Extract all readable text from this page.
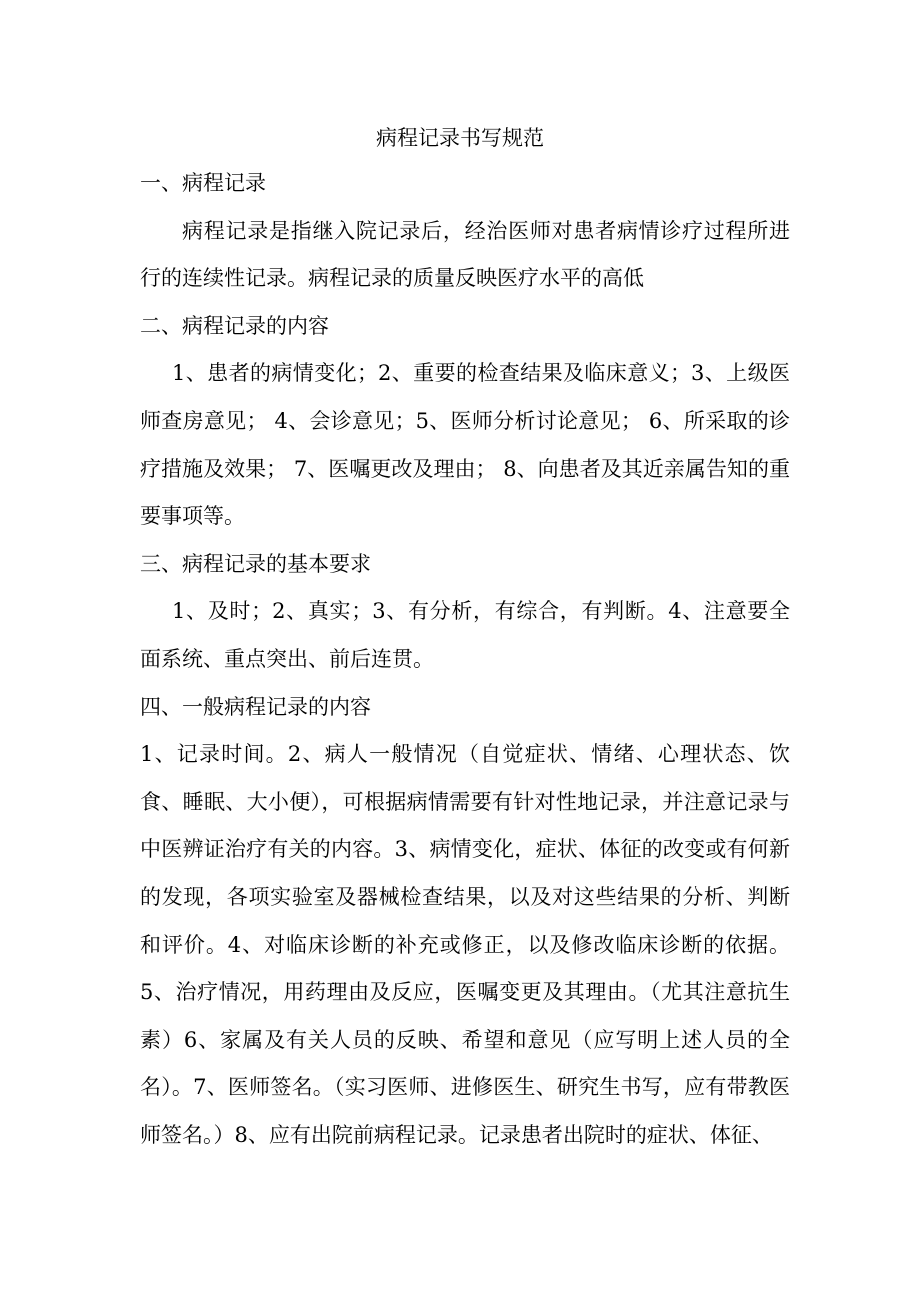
病程记录书写规范

一、病程记录

病程记录是指继入院记录后，经治医师对患者病情诊疗过程所进行的连续性记录。病程记录的质量反映医疗水平的高低

二、病程记录的内容

1、患者的病情变化；2、重要的检查结果及临床意义；3、上级医师查房意见； 4、会诊意见；5、医师分析讨论意见； 6、所采取的诊疗措施及效果； 7、医嘱更改及理由； 8、向患者及其近亲属告知的重要事项等。

三、病程记录的基本要求

1、及时；2、真实；3、有分析，有综合，有判断。4、注意要全面系统、重点突出、前后连贯。

四、一般病程记录的内容

1、记录时间。2、病人一般情况（自觉症状、情绪、心理状态、饮食、睡眠、大小便），可根据病情需要有针对性地记录，并注意记录与中医辨证治疗有关的内容。3、病情变化，症状、体征的改变或有何新的发现，各项实验室及器械检查结果，以及对这些结果的分析、判断和评价。4、对临床诊断的补充或修正，以及修改临床诊断的依据。5、治疗情况，用药理由及反应，医嘱变更及其理由。（尤其注意抗生素）6、家属及有关人员的反映、希望和意见（应写明上述人员的全名）。7、医师签名。（实习医师、进修医生、研究生书写，应有带教医师签名。）8、应有出院前病程记录。记录患者出院时的症状、体征、
